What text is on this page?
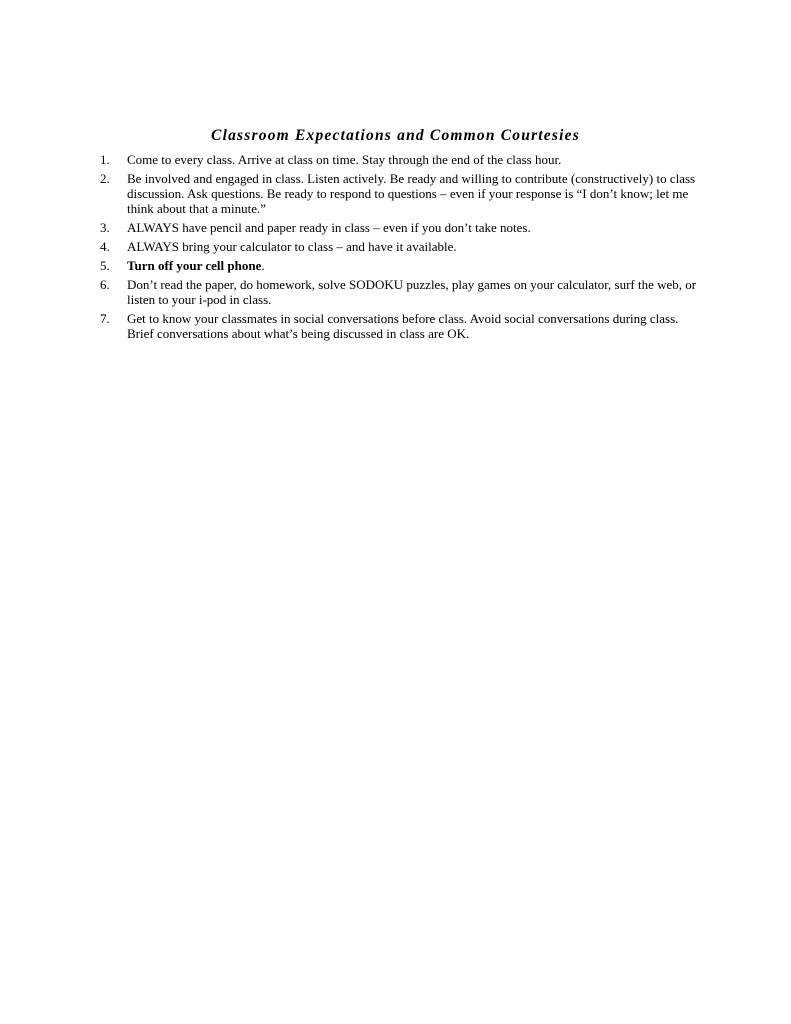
Classroom Expectations and Common Courtesies
1.	Come to every class. Arrive at class on time. Stay through the end of the class hour.
2.	Be involved and engaged in class. Listen actively. Be ready and willing to contribute (constructively) to class discussion. Ask questions. Be ready to respond to questions – even if your response is “I don’t know; let me think about that a minute.”
3.	ALWAYS have pencil and paper ready in class – even if you don’t take notes.
4.	ALWAYS bring your calculator to class – and have it available.
5.	Turn off your cell phone.
6.	Don’t read the paper, do homework, solve SODOKU puzzles, play games on your calculator, surf the web, or listen to your i-pod in class.
7.	Get to know your classmates in social conversations before class. Avoid social conversations during class. Brief conversations about what’s being discussed in class are OK.
